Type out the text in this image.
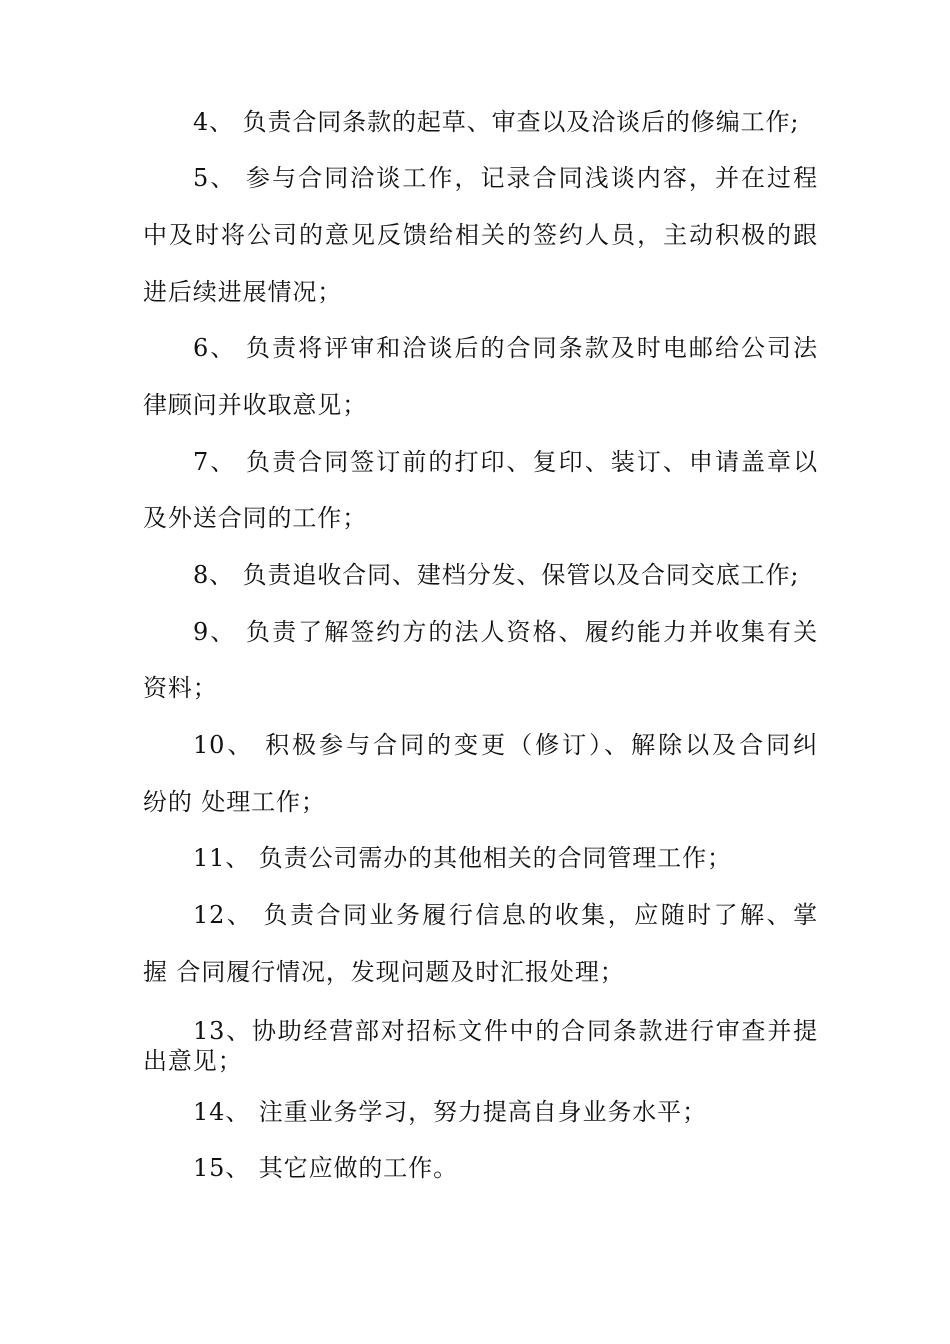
4、 负责合同条款的起草、审查以及洽谈后的修编工作;
5、 参与合同洽谈工作，记录合同浅谈内容，并在过程
中及时将公司的意见反馈给相关的签约人员，主动积极的跟
进后续进展情况；
6、 负责将评审和洽谈后的合同条款及时电邮给公司法
律顾问并收取意见；
7、 负责合同签订前的打印、复印、装订、申请盖章以
及外送合同的工作；
8、 负责追收合同、建档分发、保管以及合同交底工作;
9、 负责了解签约方的法人资格、履约能力并收集有关
资料；
10、 积极参与合同的变更（修订）、解除以及合同纠
纷的 处理工作；
11、 负责公司需办的其他相关的合同管理工作；
12、 负责合同业务履行信息的收集，应随时了解、掌
握 合同履行情况，发现问题及时汇报处理；
13、协助经营部对招标文件中的合同条款进行审查并提
出意见；
14、 注重业务学习，努力提高自身业务水平；
15、 其它应做的工作。
